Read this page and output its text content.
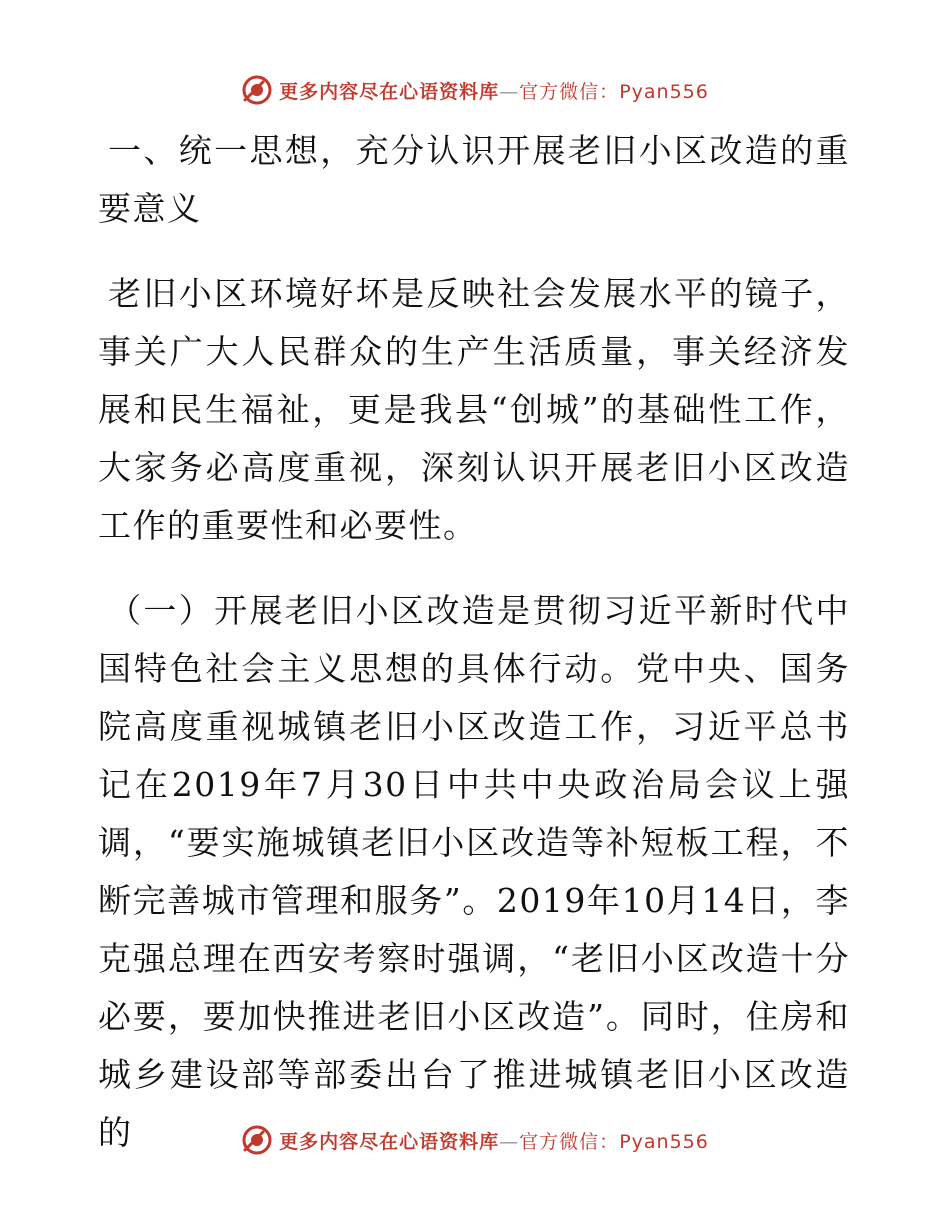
更多内容尽在心语资料库—官方微信：Pyan556

一、统一思想，充分认识开展老旧小区改造的重要意义

老旧小区环境好坏是反映社会发展水平的镜子，事关广大人民群众的生产生活质量，事关经济发展和民生福祉，更是我县“创城”的基础性工作，大家务必高度重视，深刻认识开展老旧小区改造工作的重要性和必要性。

（一）开展老旧小区改造是贯彻习近平新时代中国特色社会主义思想的具体行动。党中央、国务院高度重视城镇老旧小区改造工作，习近平总书记在2019年7月30日中共中央政治局会议上强调，“要实施城镇老旧小区改造等补短板工程，不断完善城市管理和服务”。2019年10月14日，李克强总理在西安考察时强调，“老旧小区改造十分必要，要加快推进老旧小区改造”。同时，住房和城乡建设部等部委出台了推进城镇老旧小区改造的	更多内容尽在心语资料库—官方微信：Pyan556
